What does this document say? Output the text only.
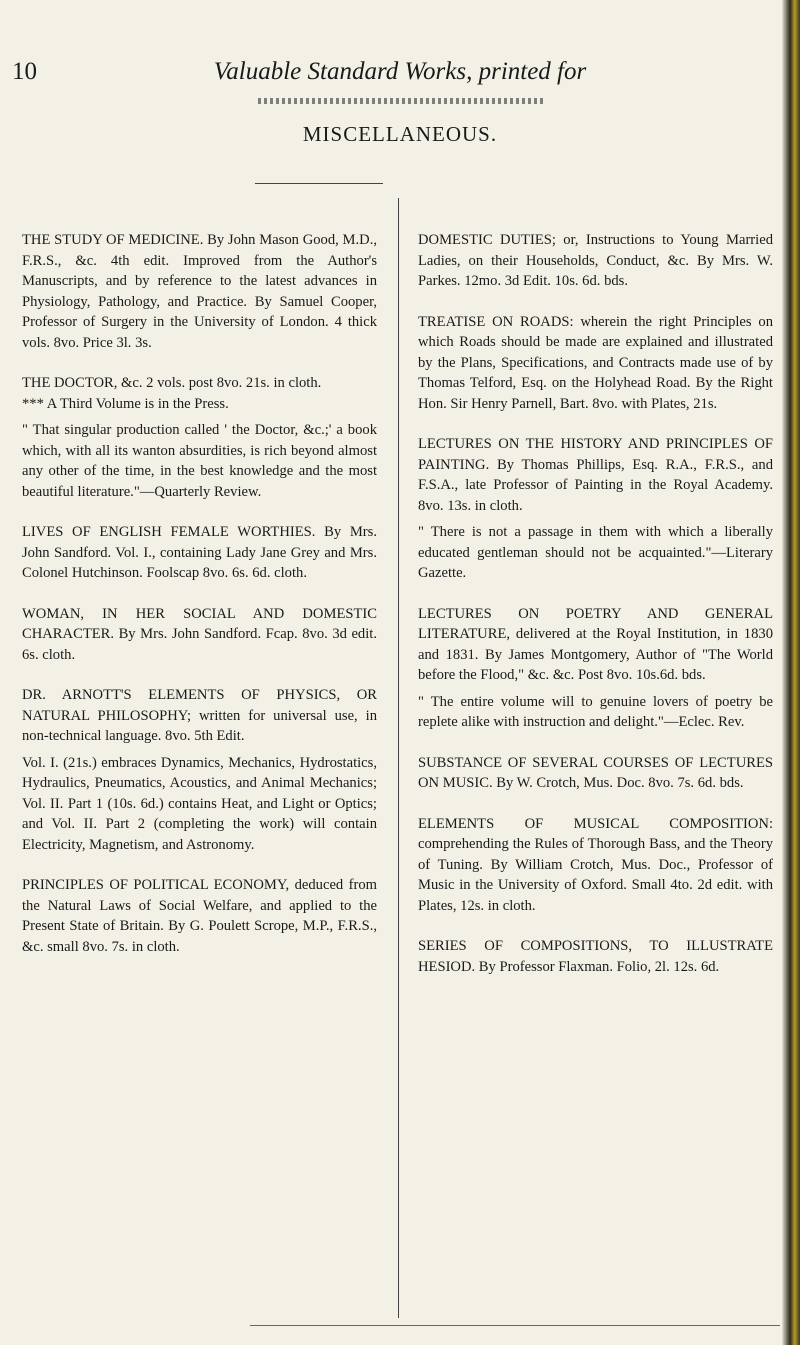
10	Valuable Standard Works, printed for
MISCELLANEOUS.
THE STUDY OF MEDICINE. By John Mason Good, M.D., F.R.S., &c. 4th edit. Improved from the Author's Manuscripts, and by reference to the latest advances in Physiology, Pathology, and Practice. By Samuel Cooper, Professor of Surgery in the University of London. 4 thick vols. 8vo. Price 3l. 3s.
THE DOCTOR, &c. 2 vols. post 8vo. 21s. in cloth.
*** A Third Volume is in the Press.
" That singular production called ' the Doctor, &c.;' a book which, with all its wanton absurdities, is rich beyond almost any other of the time, in the best knowledge and the most beautiful literature."—Quarterly Review.
LIVES OF ENGLISH FEMALE WORTHIES. By Mrs. John Sandford. Vol. I., containing Lady Jane Grey and Mrs. Colonel Hutchinson. Foolscap 8vo. 6s. 6d. cloth.
WOMAN, IN HER SOCIAL AND DOMESTIC CHARACTER. By Mrs. John Sandford. Fcap. 8vo. 3d edit. 6s. cloth.
DR. ARNOTT'S ELEMENTS OF PHYSICS, OR NATURAL PHILOSOPHY; written for universal use, in non-technical language. 8vo. 5th Edit.
Vol. I. (21s.) embraces Dynamics, Mechanics, Hydrostatics, Hydraulics, Pneumatics, Acoustics, and Animal Mechanics; Vol. II. Part 1 (10s. 6d.) contains Heat, and Light or Optics; and Vol. II. Part 2 (completing the work) will contain Electricity, Magnetism, and Astronomy.
PRINCIPLES OF POLITICAL ECONOMY, deduced from the Natural Laws of Social Welfare, and applied to the Present State of Britain. By G. Poulett Scrope, M.P., F.R.S., &c. small 8vo. 7s. in cloth.
DOMESTIC DUTIES; or, Instructions to Young Married Ladies, on their Households, Conduct, &c. By Mrs. W. Parkes. 12mo. 3d Edit. 10s. 6d. bds.
TREATISE ON ROADS: wherein the right Principles on which Roads should be made are explained and illustrated by the Plans, Specifications, and Contracts made use of by Thomas Telford, Esq. on the Holyhead Road. By the Right Hon. Sir Henry Parnell, Bart. 8vo. with Plates, 21s.
LECTURES ON THE HISTORY AND PRINCIPLES OF PAINTING. By Thomas Phillips, Esq. R.A., F.R.S., and F.S.A., late Professor of Painting in the Royal Academy. 8vo. 13s. in cloth.
" There is not a passage in them with which a liberally educated gentleman should not be acquainted."—Literary Gazette.
LECTURES ON POETRY AND GENERAL LITERATURE, delivered at the Royal Institution, in 1830 and 1831. By James Montgomery, Author of "The World before the Flood," &c. &c. Post 8vo. 10s.6d. bds.
" The entire volume will to genuine lovers of poetry be replete alike with instruction and delight."—Eclec. Rev.
SUBSTANCE OF SEVERAL COURSES OF LECTURES ON MUSIC. By W. Crotch, Mus. Doc. 8vo. 7s. 6d. bds.
ELEMENTS OF MUSICAL COMPOSITION: comprehending the Rules of Thorough Bass, and the Theory of Tuning. By William Crotch, Mus. Doc., Professor of Music in the University of Oxford. Small 4to. 2d edit. with Plates, 12s. in cloth.
SERIES OF COMPOSITIONS, TO ILLUSTRATE HESIOD. By Professor Flaxman. Folio, 2l. 12s. 6d.
